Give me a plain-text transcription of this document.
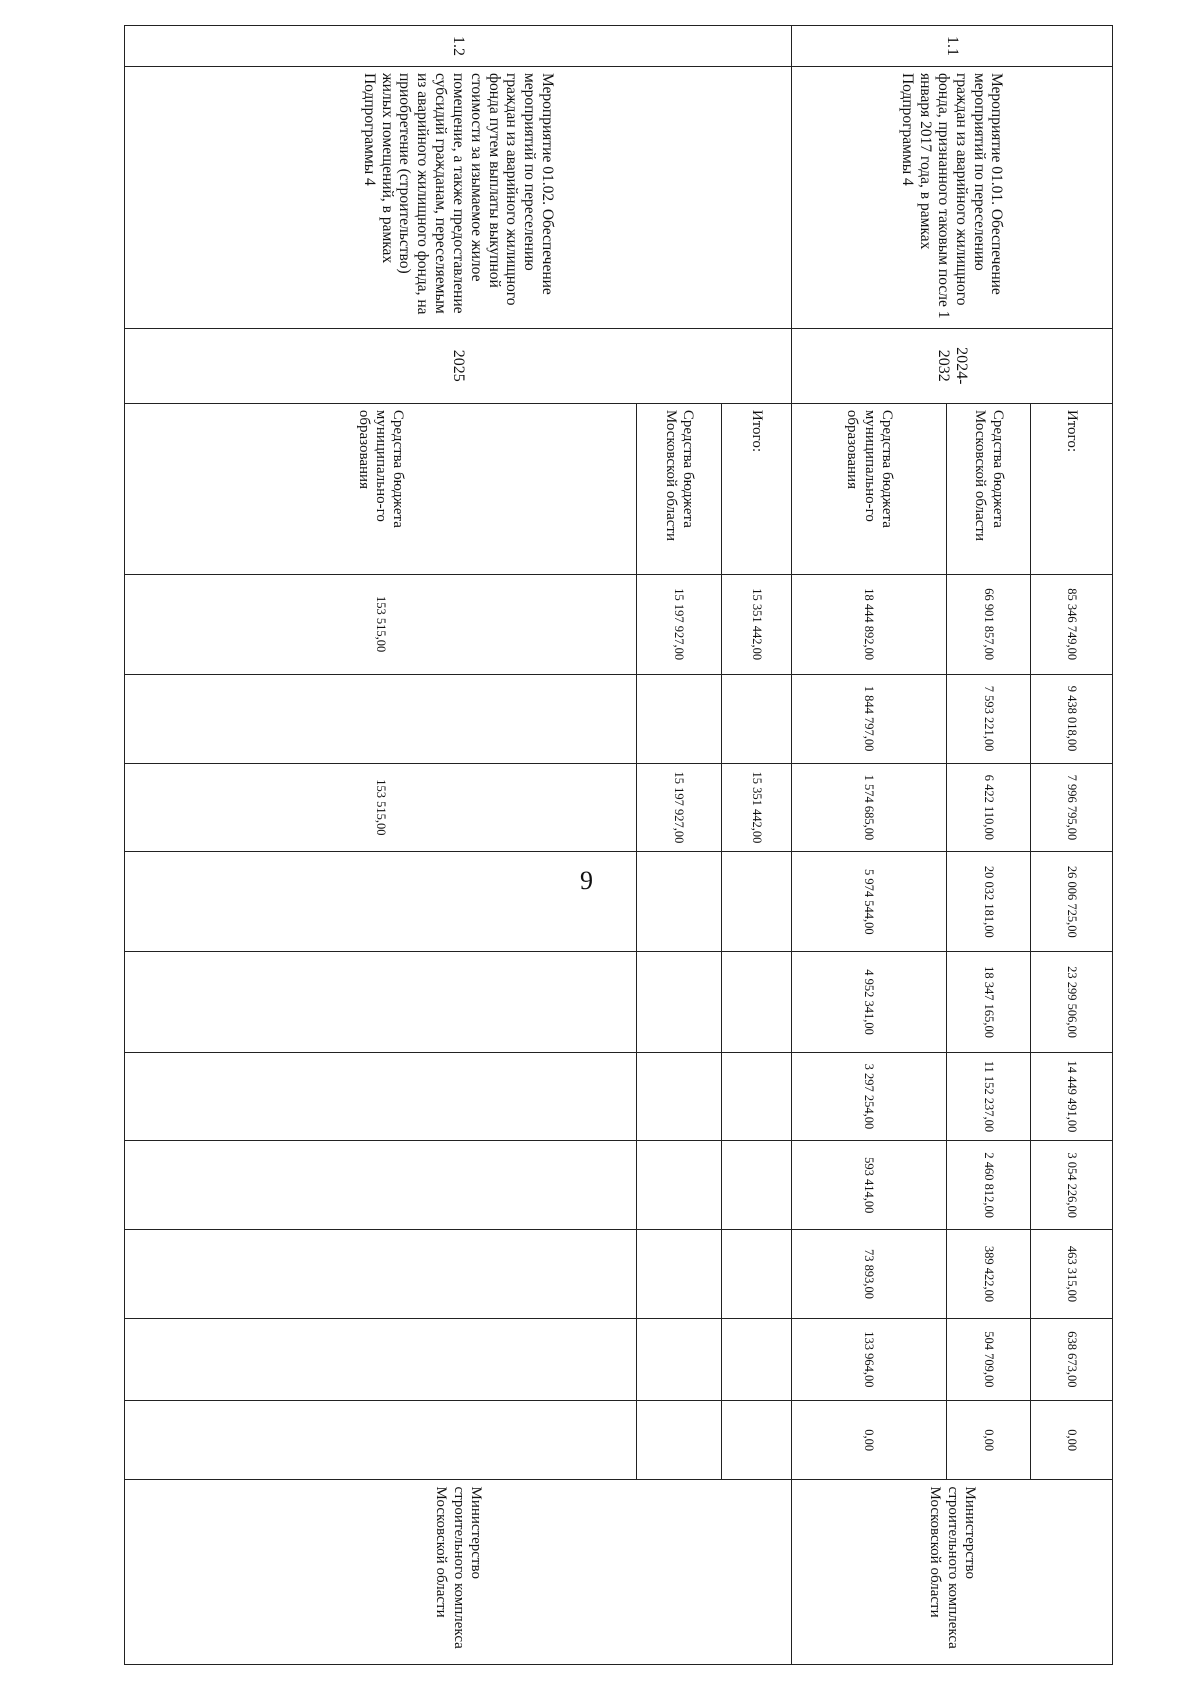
9
1.1	Мероприятие 01.01. Обеспечение мероприятий по переселению граждан из аварийного жилищного фонда, признанного таковым после 1 января 2017 года, в рамках Подпрограммы 4	2024-2032	Итого:	85 346 749,00	9 438 018,00	7 996 795,00	26 006 725,00	23 299 506,00	14 449 491,00	3 054 226,00	463 315,00	638 673,00	0,00	Министерство строительного комплекса Московской области
			Средства бюджета Московской области	66 901 857,00	7 593 221,00	6 422 110,00	20 032 181,00	18 347 165,00	11 152 237,00	2 460 812,00	389 422,00	504 709,00	0,00	
			Средства бюджета муниципально-го образования	18 444 892,00	1 844 797,00	1 574 685,00	5 974 544,00	4 952 341,00	3 297 254,00	593 414,00	73 893,00	133 964,00	0,00	
1.2	Мероприятие 01.02. Обеспечение мероприятий по переселению граждан из аварийного жилищного фонда путем выплаты выкупной стоимости за изымаемое жилое помещение, а также предоставление субсидий гражданам, переселяемым из аварийного жилищного фонда, на приобретение (строительство) жилых помещений, в рамках Подпрограммы 4	2025	Итого:	15 351 442,00		15 351 442,00								Министерство строительного комплекса Московской области
			Средства бюджета Московской области	15 197 927,00		15 197 927,00								
			Средства бюджета муниципально-го образования	153 515,00		153 515,00								
